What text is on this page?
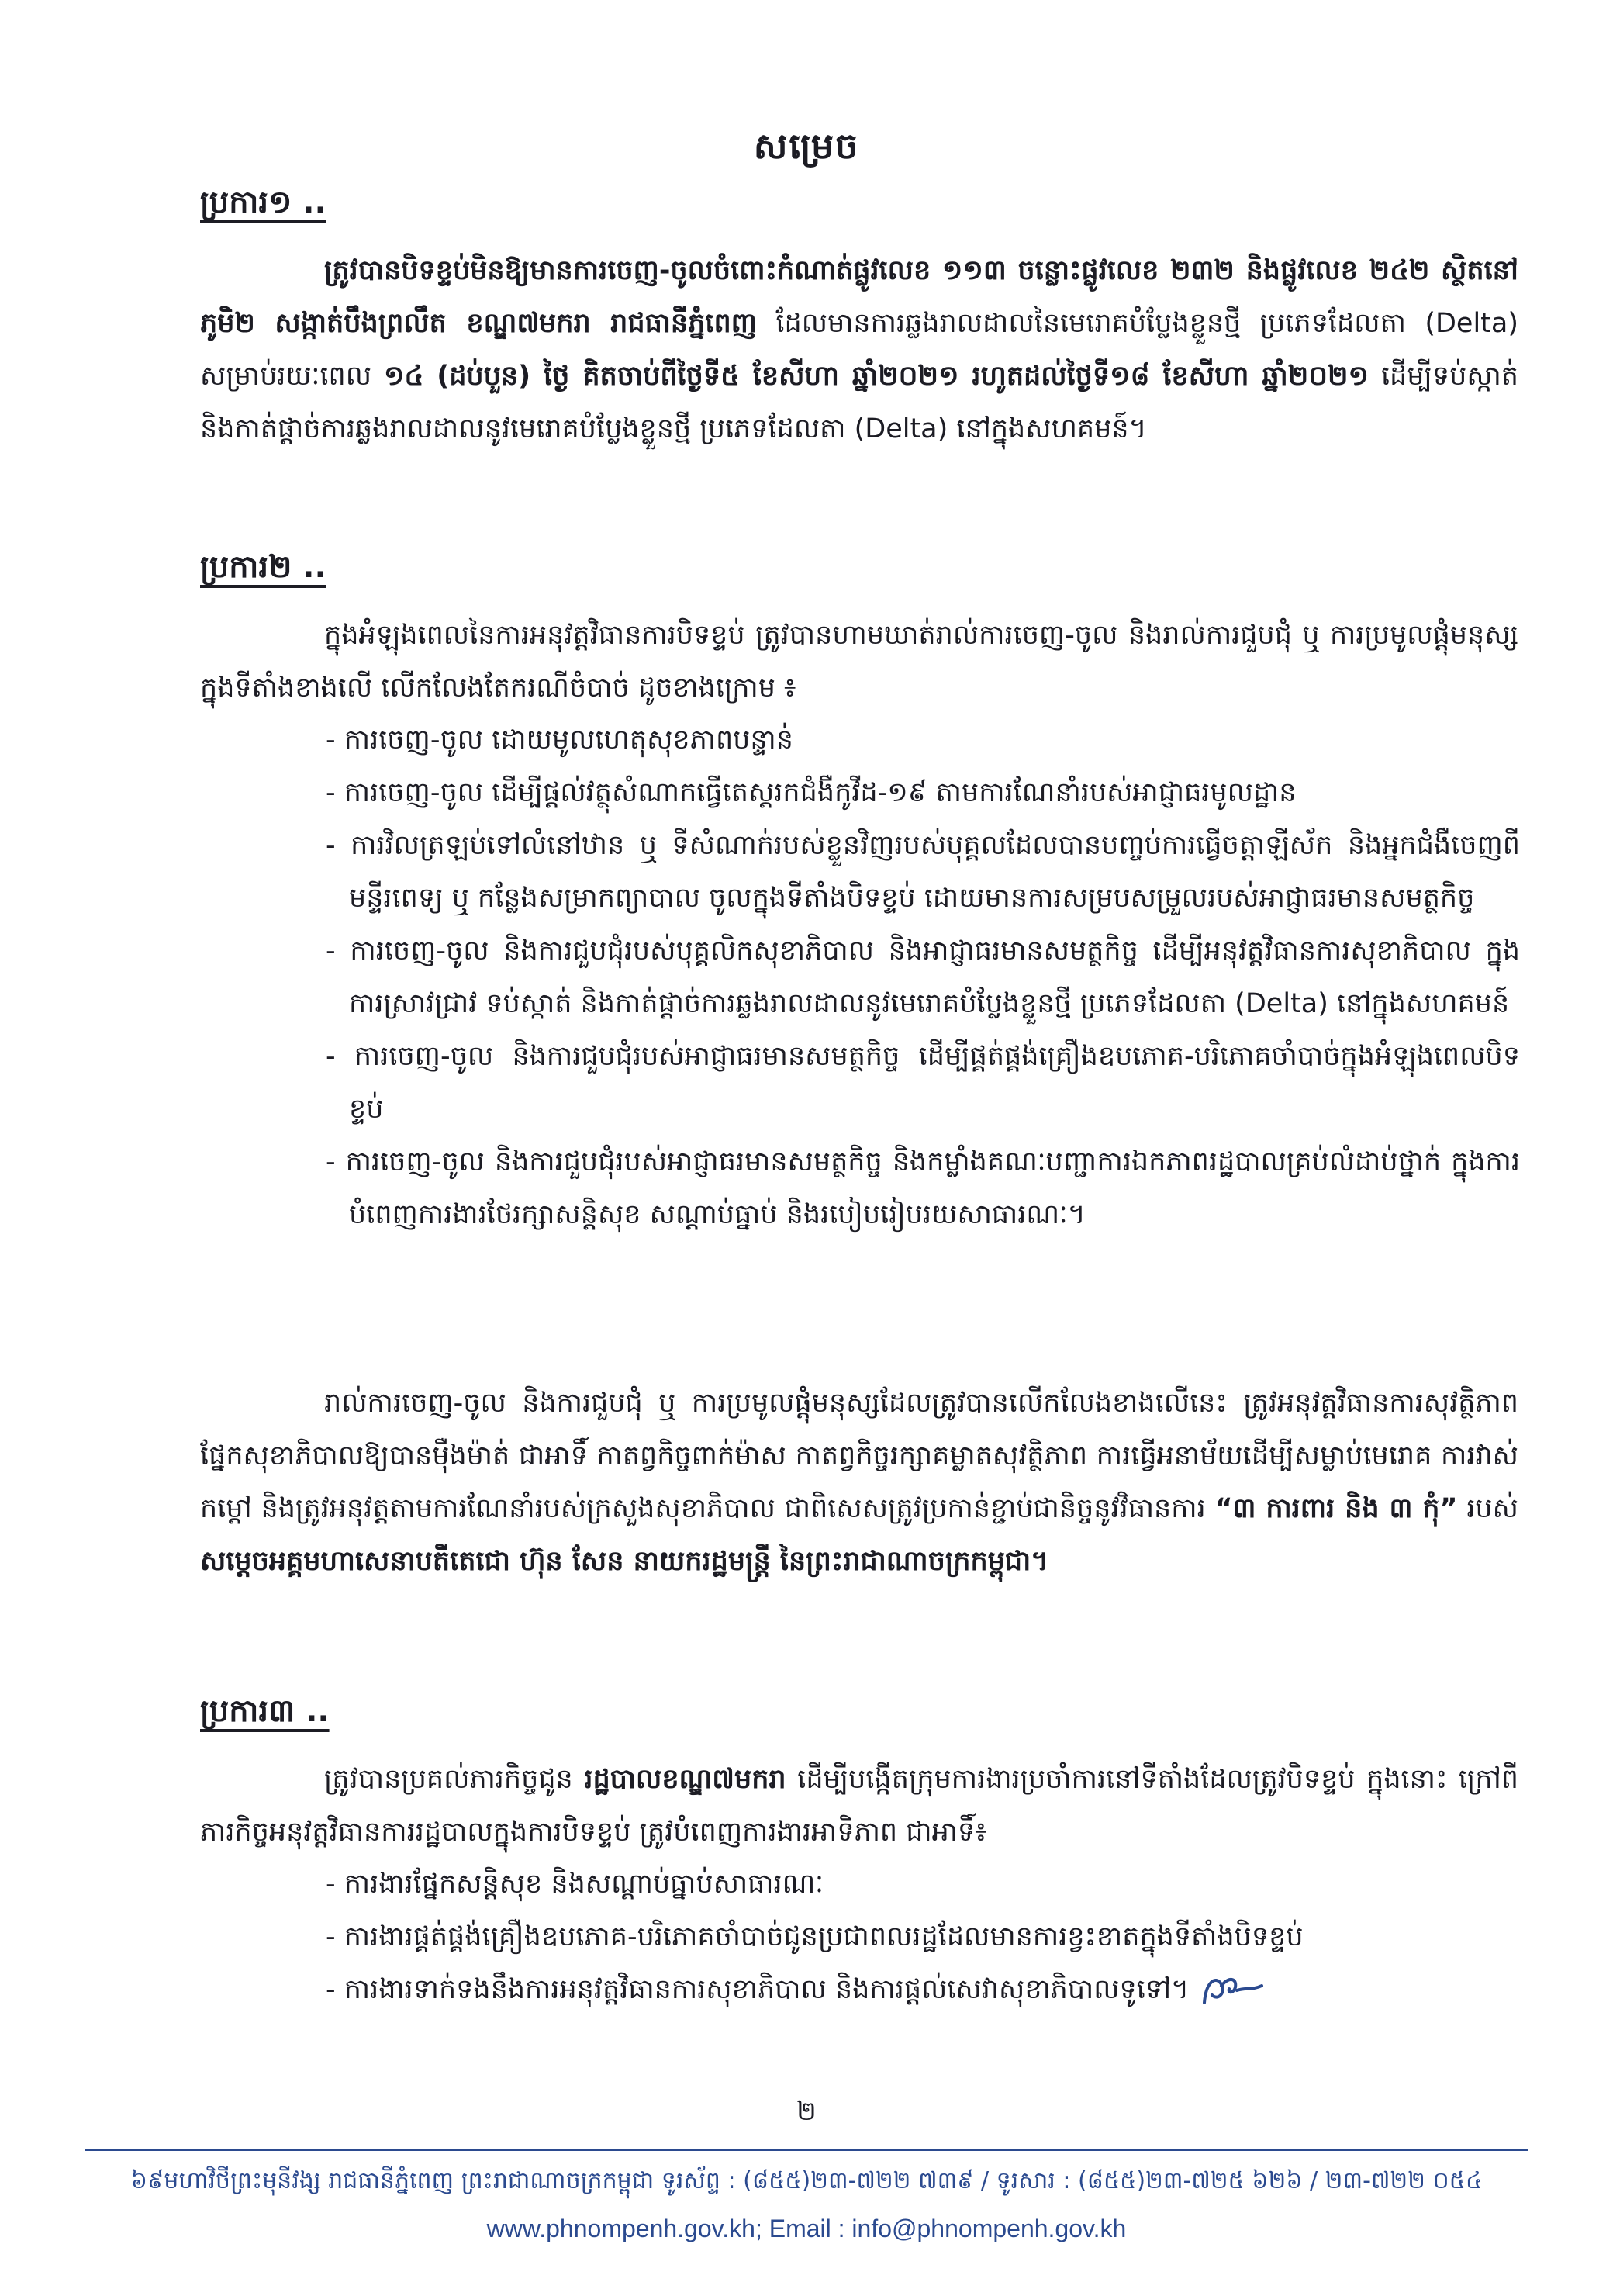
សម្រេច
ប្រការ១ ..
ត្រូវបានបិទខ្ទប់មិនឱ្យមានការចេញ-ចូលចំពោះកំណាត់ផ្លូវលេខ ១១៣ ចន្លោះផ្លូវលេខ ២៣២ និងផ្លូវលេខ ២៤២ ស្ថិតនៅភូមិ២ សង្កាត់បឹងព្រលឹត ខណ្ឌ៧មករា រាជធានីភ្នំពេញ ដែលមានការឆ្លងរាលដាលនៃមេរោគបំប្លែងខ្លួនថ្មី ប្រភេទដែលតា (Delta) សម្រាប់រយៈពេល ១៤ (ដប់បួន) ថ្ងៃ គិតចាប់ពីថ្ងៃទី៥ ខែសីហា ឆ្នាំ២០២១ រហូតដល់ថ្ងៃទី១៨ ខែសីហា ឆ្នាំ២០២១ ដើម្បីទប់ស្កាត់ និងកាត់ផ្តាច់ការឆ្លងរាលដាលនូវមេរោគបំប្លែងខ្លួនថ្មី ប្រភេទដែលតា (Delta) នៅក្នុងសហគមន៍។
ប្រការ២ ..
ក្នុងអំឡុងពេលនៃការអនុវត្តវិធានការបិទខ្ទប់ ត្រូវបានហាមឃាត់រាល់ការចេញ-ចូល និងរាល់ការជួបជុំ ឬ ការប្រមូលផ្តុំមនុស្ស ក្នុងទីតាំងខាងលើ លើកលែងតែករណីចំបាច់ ដូចខាងក្រោម ៖
- ការចេញ-ចូល ដោយមូលហេតុសុខភាពបន្ទាន់
- ការចេញ-ចូល ដើម្បីផ្តល់វត្ថុសំណាកធ្វើតេស្តរកជំងឺកូវីដ-១៩ តាមការណែនាំរបស់អាជ្ញាធរមូលដ្ឋាន
- ការវិលត្រឡប់ទៅលំនៅឋាន ឬ ទីសំណាក់របស់ខ្លួនវិញរបស់បុគ្គលដែលបានបញ្ចប់ការធ្វើចត្តាឡីស័ក និងអ្នកជំងឺចេញពីមន្ទីរពេទ្យ ឬ កន្លែងសម្រាកព្យាបាល ចូលក្នុងទីតាំងបិទខ្ទប់ ដោយមានការសម្របសម្រួលរបស់អាជ្ញាធរមានសមត្ថកិច្ច
- ការចេញ-ចូល និងការជួបជុំរបស់បុគ្គលិកសុខាភិបាល និងអាជ្ញាធរមានសមត្ថកិច្ច ដើម្បីអនុវត្តវិធានការសុខាភិបាល ក្នុងការស្រាវជ្រាវ ទប់ស្កាត់ និងកាត់ផ្តាច់ការឆ្លងរាលដាលនូវមេរោគបំប្លែងខ្លួនថ្មី ប្រភេទដែលតា (Delta) នៅក្នុងសហគមន៍
- ការចេញ-ចូល និងការជួបជុំរបស់អាជ្ញាធរមានសមត្ថកិច្ច ដើម្បីផ្គត់ផ្គង់គ្រឿងឧបភោគ-បរិភោគចាំបាច់ក្នុងអំឡុងពេលបិទខ្ទប់
- ការចេញ-ចូល និងការជួបជុំរបស់អាជ្ញាធរមានសមត្ថកិច្ច និងកម្លាំងគណៈបញ្ជាការឯកភាពរដ្ឋបាលគ្រប់លំដាប់ថ្នាក់ ក្នុងការបំពេញការងារថែរក្សាសន្តិសុខ សណ្តាប់ធ្នាប់ និងរបៀបរៀបរយសាធារណៈ។
រាល់ការចេញ-ចូល និងការជួបជុំ ឬ ការប្រមូលផ្តុំមនុស្សដែលត្រូវបានលើកលែងខាងលើនេះ ត្រូវអនុវត្តវិធានការសុវត្ថិភាពផ្នែកសុខាភិបាលឱ្យបានម៉ឺងម៉ាត់ ជាអាទិ៍ កាតព្វកិច្ចពាក់ម៉ាស កាតព្វកិច្ចរក្សាគម្លាតសុវត្ថិភាព ការធ្វើអនាម័យដើម្បីសម្លាប់មេរោគ ការវាស់កម្តៅ និងត្រូវអនុវត្តតាមការណែនាំរបស់ក្រសួងសុខាភិបាល ជាពិសេសត្រូវប្រកាន់ខ្ជាប់ជានិច្ចនូវវិធានការ “៣ ការពារ និង ៣ កុំ” របស់ សម្តេចអគ្គមហាសេនាបតីតេជោ ហ៊ុន សែន នាយករដ្ឋមន្ត្រី នៃព្រះរាជាណាចក្រកម្ពុជា។
ប្រការ៣ ..
ត្រូវបានប្រគល់ភារកិច្ចជូន រដ្ឋបាលខណ្ឌ៧មករា ដើម្បីបង្កើតក្រុមការងារប្រចាំការនៅទីតាំងដែលត្រូវបិទខ្ទប់ ក្នុងនោះ ក្រៅពីភារកិច្ចអនុវត្តវិធានការរដ្ឋបាលក្នុងការបិទខ្ទប់ ត្រូវបំពេញការងារអាទិភាព ជាអាទិ៍៖
- ការងារផ្នែកសន្តិសុខ និងសណ្តាប់ធ្នាប់សាធារណៈ
- ការងារផ្គត់ផ្គង់គ្រឿងឧបភោគ-បរិភោគចាំបាច់ជូនប្រជាពលរដ្ឋដែលមានការខ្វះខាតក្នុងទីតាំងបិទខ្ទប់
- ការងារទាក់ទងនឹងការអនុវត្តវិធានការសុខាភិបាល និងការផ្តល់សេវាសុខាភិបាលទូទៅ។
២
៦៩មហាវិថីព្រះមុនីវង្ស រាជធានីភ្នំពេញ ព្រះរាជាណាចក្រកម្ពុជា ទូរស័ព្ទ : (៨៥៥)២៣-៧២២ ៧៣៩ / ទូរសារ : (៨៥៥)២៣-៧២៥ ៦២៦ / ២៣-៧២២ ០៥៤
www.phnompenh.gov.kh; Email : info@phnompenh.gov.kh
